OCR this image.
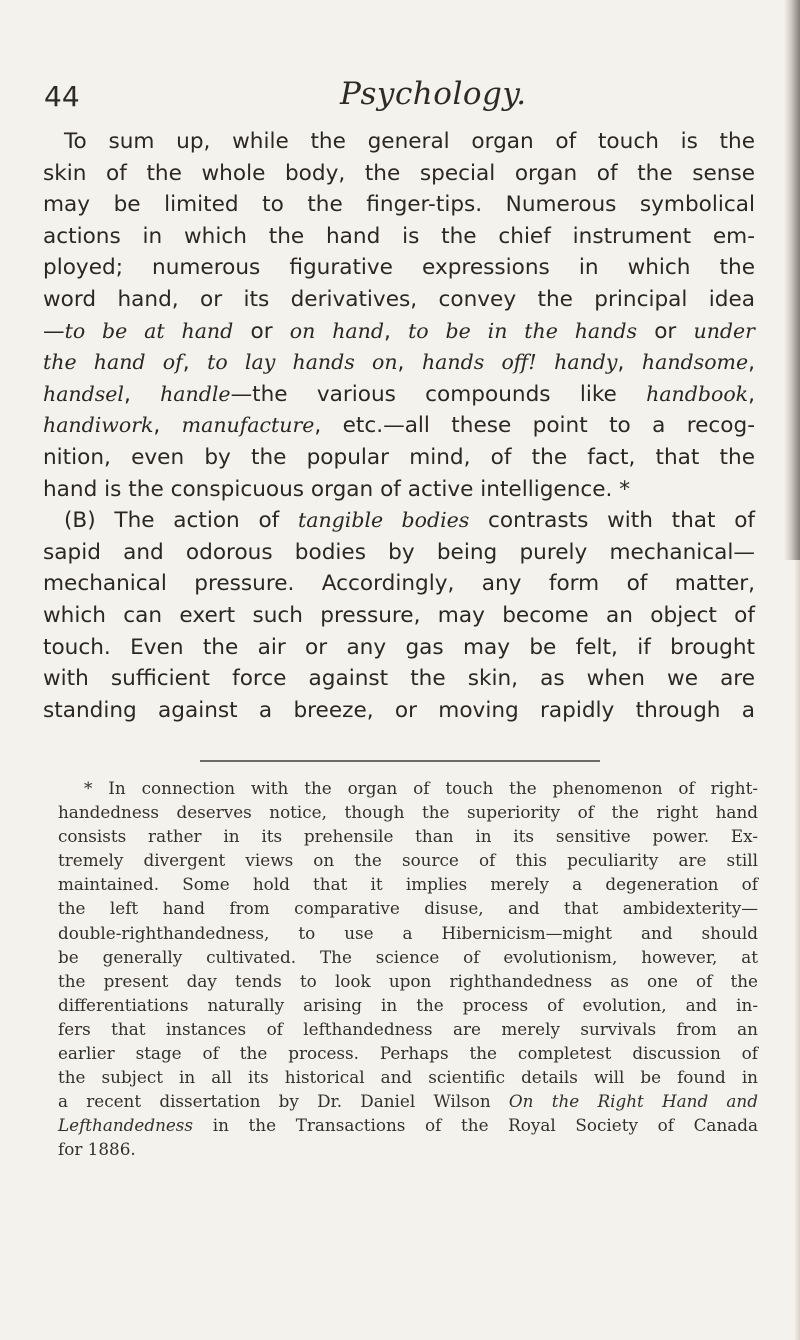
44	Psychology.
To sum up, while the general organ of touch is the
skin of the whole body, the special organ of the sense
may be limited to the finger-tips. Numerous symbolical
actions in which the hand is the chief instrument em-
ployed; numerous figurative expressions in which the
word hand, or its derivatives, convey the principal idea
—to be at hand or on hand, to be in the hands or under
the hand of, to lay hands on, hands off! handy, handsome,
handsel, handle—the various compounds like handbook,
handiwork, manufacture, etc.—all these point to a recog-
nition, even by the popular mind, of the fact, that the
hand is the conspicuous organ of active intelligence. *
(B) The action of tangible bodies contrasts with that of
sapid and odorous bodies by being purely mechanical—
mechanical pressure. Accordingly, any form of matter,
which can exert such pressure, may become an object of
touch. Even the air or any gas may be felt, if brought
with sufficient force against the skin, as when we are
standing against a breeze, or moving rapidly through a
* In connection with the organ of touch the phenomenon of right-
handedness deserves notice, though the superiority of the right hand
consists rather in its prehensile than in its sensitive power. Ex-
tremely divergent views on the source of this peculiarity are still
maintained. Some hold that it implies merely a degeneration of
the left hand from comparative disuse, and that ambidexterity—
double-righthandedness, to use a Hibernicism—might and should
be generally cultivated. The science of evolutionism, however, at
the present day tends to look upon righthandedness as one of the
differentiations naturally arising in the process of evolution, and in-
fers that instances of lefthandedness are merely survivals from an
earlier stage of the process. Perhaps the completest discussion of
the subject in all its historical and scientific details will be found in
a recent dissertation by Dr. Daniel Wilson On the Right Hand and
Lefthandedness in the Transactions of the Royal Society of Canada
for 1886.
